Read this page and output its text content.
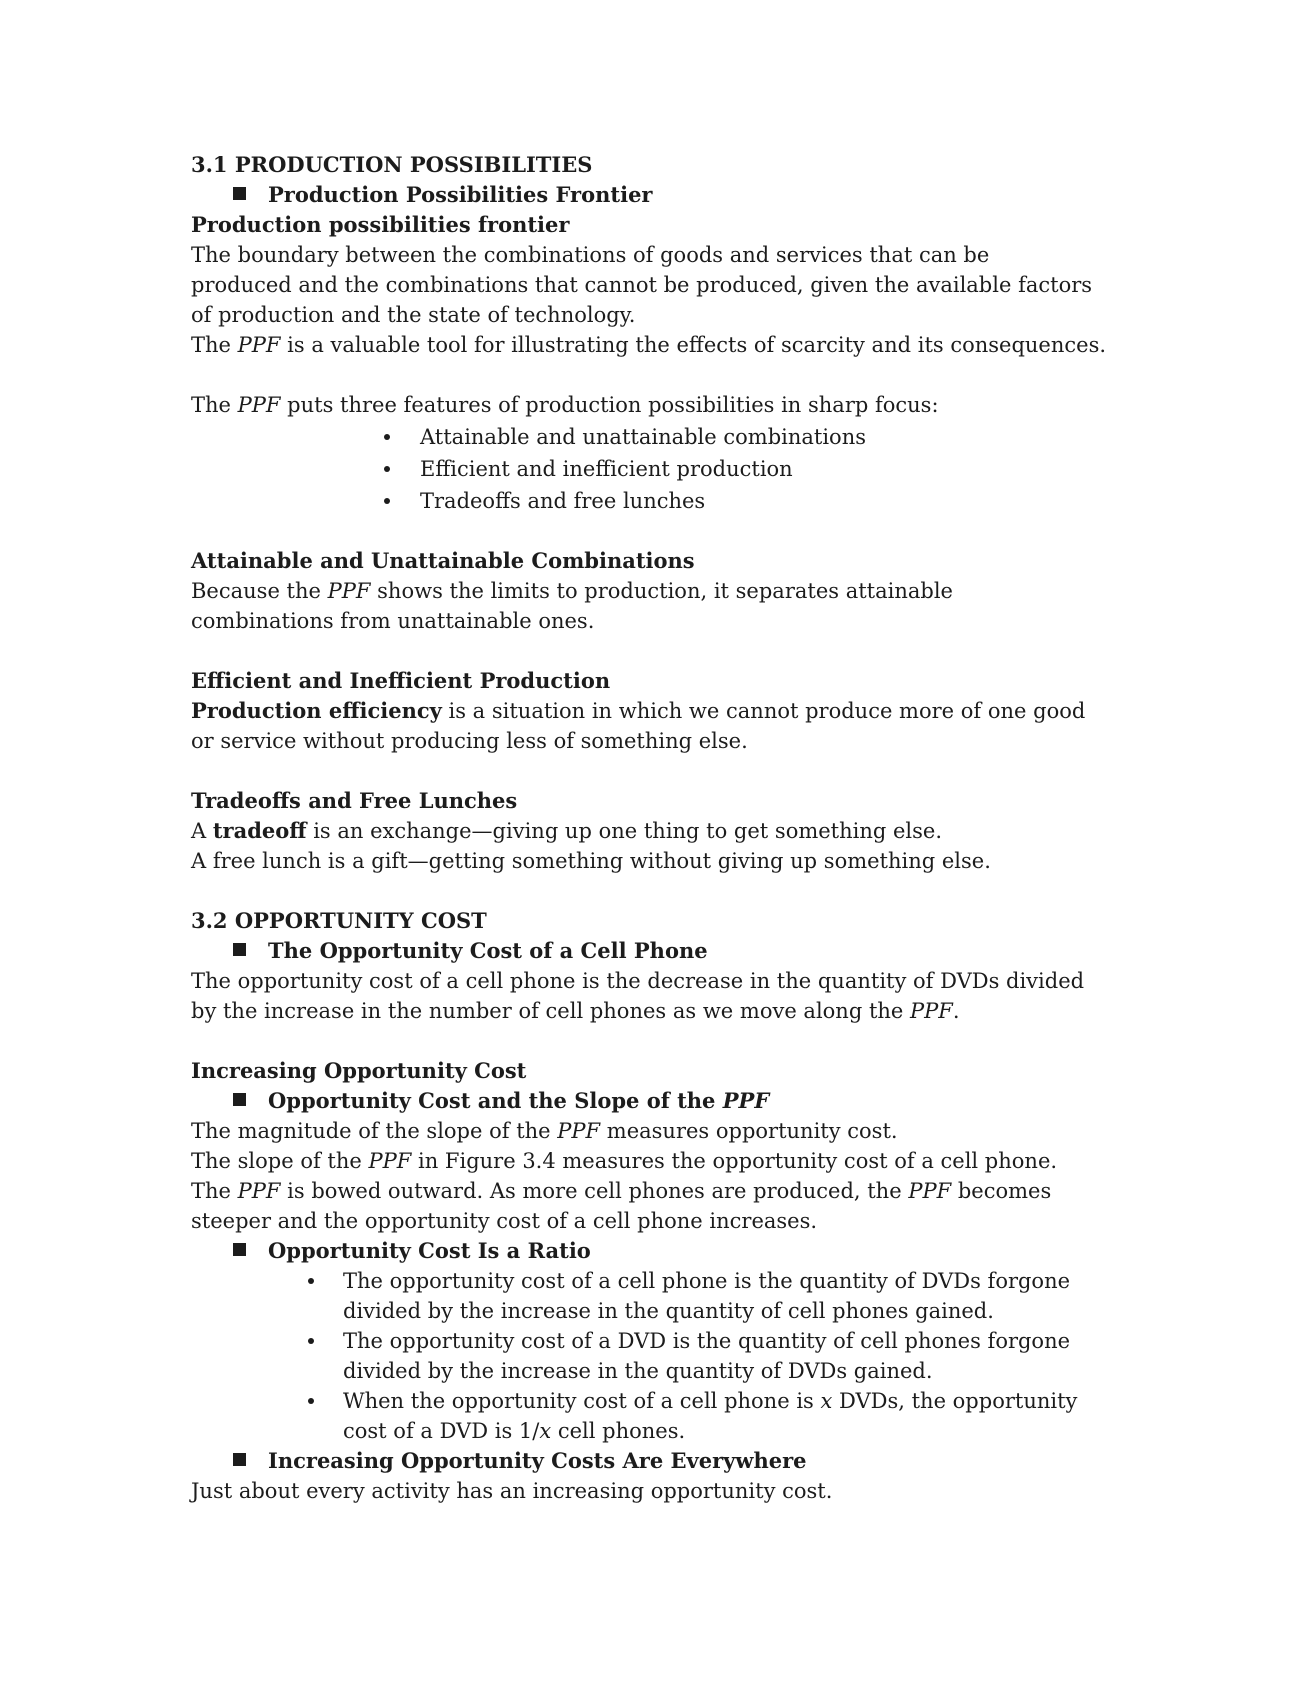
3.1 PRODUCTION POSSIBILITIES
Production Possibilities Frontier
Production possibilities frontier
The boundary between the combinations of goods and services that can be
produced and the combinations that cannot be produced, given the available factors
of production and the state of technology.
The PPF is a valuable tool for illustrating the effects of scarcity and its consequences.
The PPF puts three features of production possibilities in sharp focus:
Attainable and unattainable combinations
Efficient and inefficient production
Tradeoffs and free lunches
Attainable and Unattainable Combinations
Because the PPF shows the limits to production, it separates attainable
combinations from unattainable ones.
Efficient and Inefficient Production
Production efficiency is a situation in which we cannot produce more of one good
or service without producing less of something else.
Tradeoffs and Free Lunches
A tradeoff is an exchange—giving up one thing to get something else.
A free lunch is a gift—getting something without giving up something else.
3.2 OPPORTUNITY COST
The Opportunity Cost of a Cell Phone
The opportunity cost of a cell phone is the decrease in the quantity of DVDs divided
by the increase in the number of cell phones as we move along the PPF.
Increasing Opportunity Cost
Opportunity Cost and the Slope of the PPF
The magnitude of the slope of the PPF measures opportunity cost.
The slope of the PPF in Figure 3.4 measures the opportunity cost of a cell phone.
The PPF is bowed outward. As more cell phones are produced, the PPF becomes
steeper and the opportunity cost of a cell phone increases.
Opportunity Cost Is a Ratio
The opportunity cost of a cell phone is the quantity of DVDs forgone divided by the increase in the quantity of cell phones gained.
The opportunity cost of a DVD is the quantity of cell phones forgone divided by the increase in the quantity of DVDs gained.
When the opportunity cost of a cell phone is x DVDs, the opportunity cost of a DVD is 1/x cell phones.
Increasing Opportunity Costs Are Everywhere
Just about every activity has an increasing opportunity cost.
